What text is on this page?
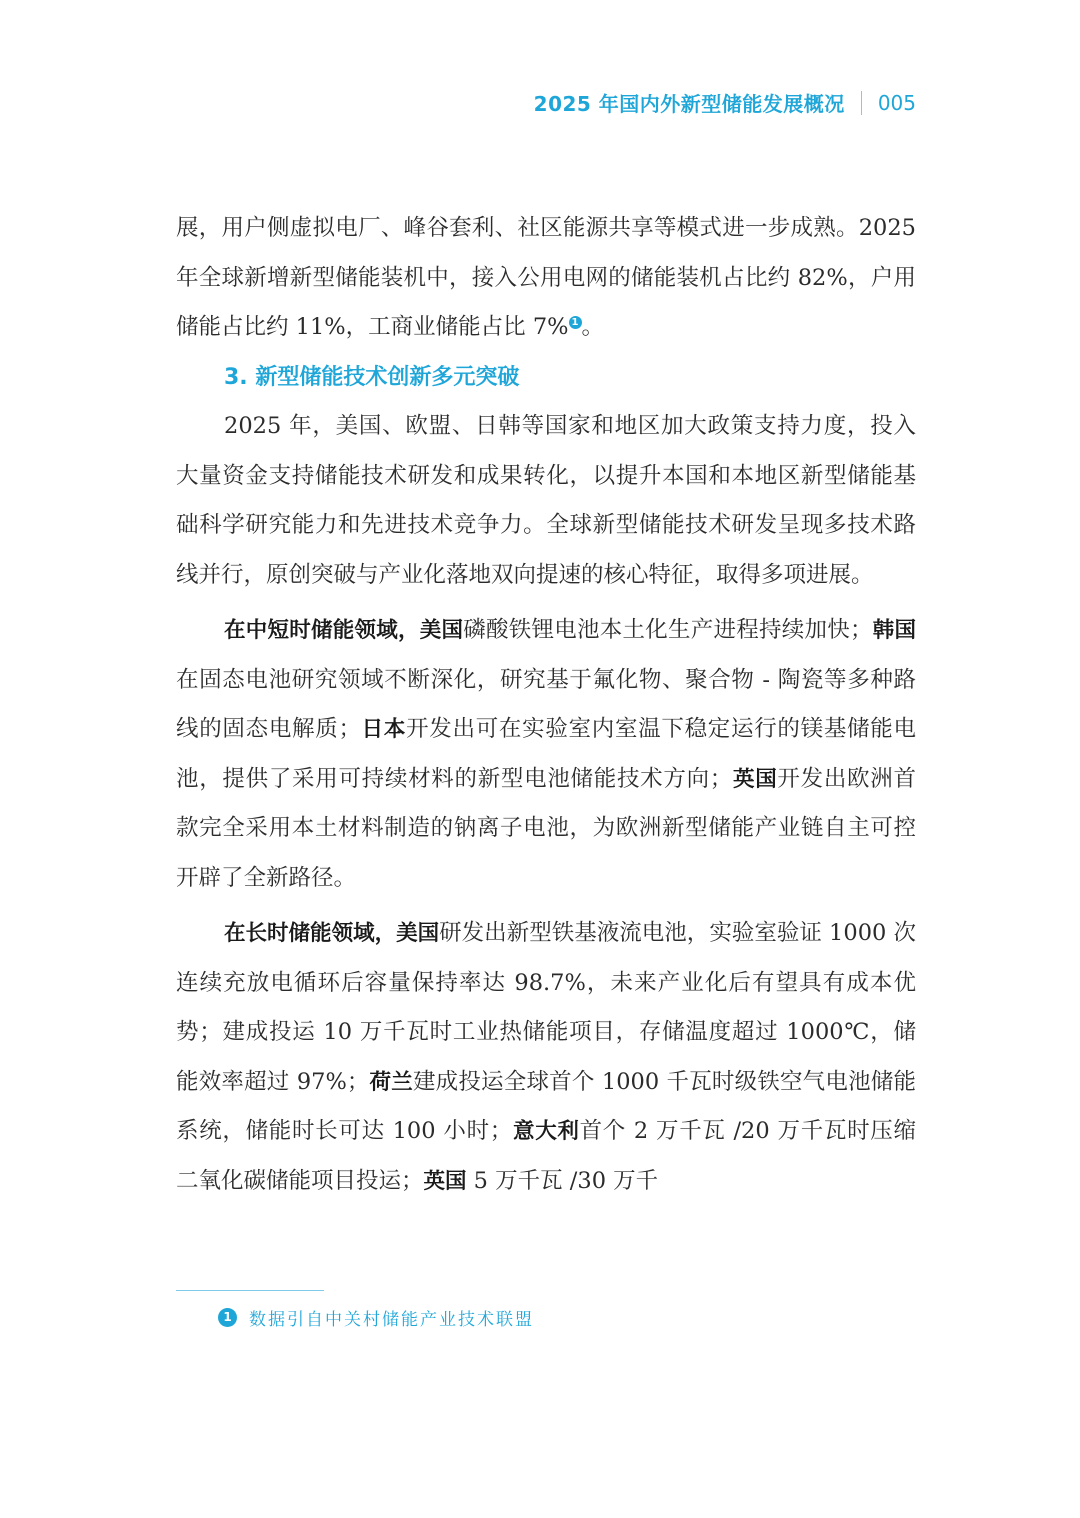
2025 年国内外新型储能发展概况 005

展，用户侧虚拟电厂、峰谷套利、社区能源共享等模式进一步成熟。2025 年全球新增新型储能装机中，接入公用电网的储能装机占比约 82%，户用储能占比约 11%，工商业储能占比 7% 1 。

3. 新型储能技术创新多元突破

2025 年，美国、欧盟、日韩等国家和地区加大政策支持力度，投入大量资金支持储能技术研发和成果转化，以提升本国和本地区新型储能基础科学研究能力和先进技术竞争力。全球新型储能技术研发呈现多技术路线并行，原创突破与产业化落地双向提速的核心特征，取得多项进展。

在中短时储能领域，美国磷酸铁锂电池本土化生产进程持续加快；韩国在固态电池研究领域不断深化，研究基于氟化物、聚合物 - 陶瓷等多种路线的固态电解质；日本开发出可在实验室内室温下稳定运行的镁基储能电池，提供了采用可持续材料的新型电池储能技术方向；英国开发出欧洲首款完全采用本土材料制造的钠离子电池，为欧洲新型储能产业链自主可控开辟了全新路径。

在长时储能领域，美国研发出新型铁基液流电池，实验室验证 1000 次连续充放电循环后容量保持率达 98.7%，未来产业化后有望具有成本优势；建成投运 10 万千瓦时工业热储能项目，存储温度超过 1000℃，储能效率超过 97%；荷兰建成投运全球首个 1000 千瓦时级铁空气电池储能系统，储能时长可达 100 小时；意大利首个 2 万千瓦 /20 万千瓦时压缩二氧化碳储能项目投运；英国 5 万千瓦 /30 万千

1	数据引自中关村储能产业技术联盟
